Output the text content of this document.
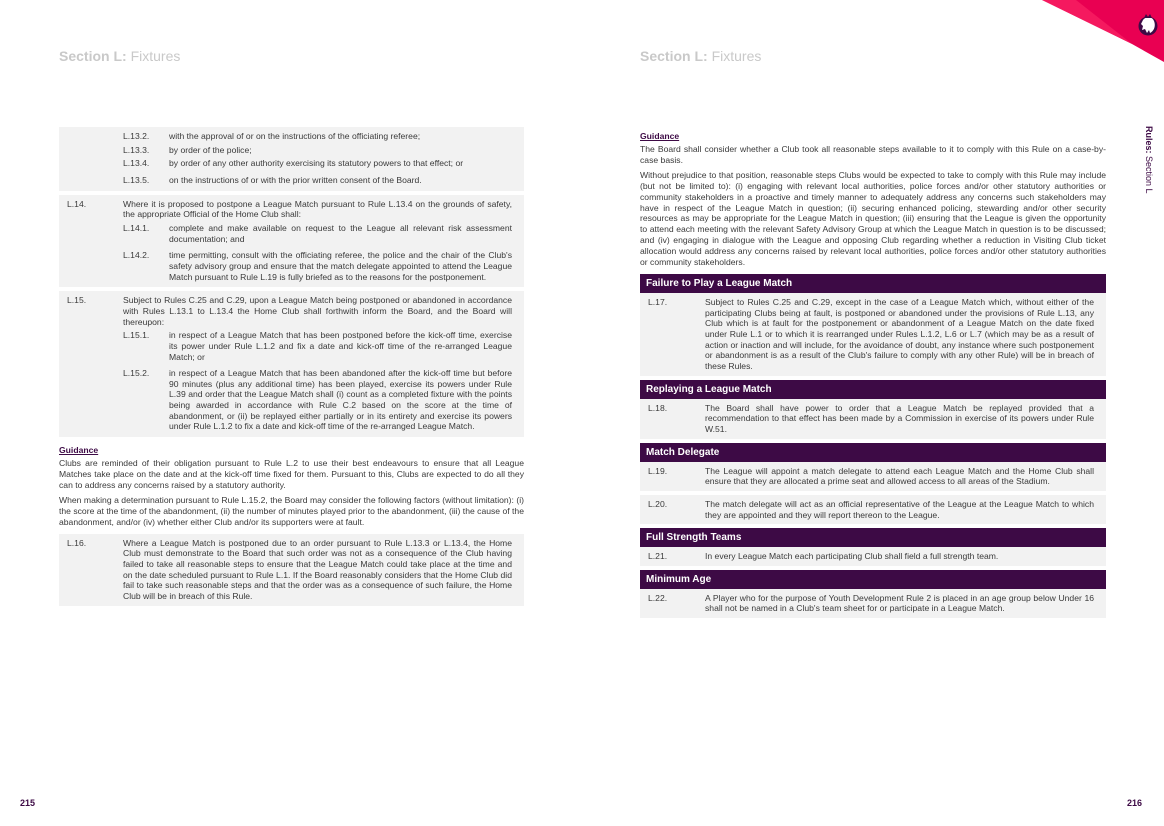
Section L: Fixtures	Section L: Fixtures
Rules: Section L
L.13.2.	with the approval of or on the instructions of the officiating referee;
L.13.3.	by order of the police;
L.13.4.	by order of any other authority exercising its statutory powers to that effect; or
L.13.5.	on the instructions of or with the prior written consent of the Board.
L.14.	Where it is proposed to postpone a League Match pursuant to Rule L.13.4 on the grounds of safety, the appropriate Official of the Home Club shall:
L.14.1.	complete and make available on request to the League all relevant risk assessment documentation; and
L.14.2.	time permitting, consult with the officiating referee, the police and the chair of the Club's safety advisory group and ensure that the match delegate appointed to attend the League Match pursuant to Rule L.19 is fully briefed as to the reasons for the postponement.
L.15.	Subject to Rules C.25 and C.29, upon a League Match being postponed or abandoned in accordance with Rules L.13.1 to L.13.4 the Home Club shall forthwith inform the Board, and the Board will thereupon:
L.15.1.	in respect of a League Match that has been postponed before the kick-off time, exercise its power under Rule L.1.2 and fix a date and kick-off time of the re-arranged League Match; or
L.15.2.	in respect of a League Match that has been abandoned after the kick-off time but before 90 minutes (plus any additional time) has been played, exercise its powers under Rule L.39 and order that the League Match shall (i) count as a completed fixture with the points being awarded in accordance with Rule C.2 based on the score at the time of abandonment, or (ii) be replayed either partially or in its entirety and exercise its powers under Rule L.1.2 to fix a date and kick-off time of the re-arranged League Match.
Guidance

Clubs are reminded of their obligation pursuant to Rule L.2 to use their best endeavours to ensure that all League Matches take place on the date and at the kick-off time fixed for them. Pursuant to this, Clubs are expected to do all they can to address any concerns raised by a statutory authority.

When making a determination pursuant to Rule L.15.2, the Board may consider the following factors (without limitation): (i) the score at the time of the abandonment, (ii) the number of minutes played prior to the abandonment, (iii) the cause of the abandonment, and/or (iv) whether either Club and/or its supporters were at fault.

L.16.	Where a League Match is postponed due to an order pursuant to Rule L.13.3 or L.13.4, the Home Club must demonstrate to the Board that such order was not as a consequence of the Club having failed to take all reasonable steps to ensure that the League Match could take place at the time and on the date scheduled pursuant to Rule L.1. If the Board reasonably considers that the Home Club did fail to take such reasonable steps and that the order was as a consequence of such failure, the Home Club will be in breach of this Rule.
Guidance

The Board shall consider whether a Club took all reasonable steps available to it to comply with this Rule on a case-by-case basis.

Without prejudice to that position, reasonable steps Clubs would be expected to take to comply with this Rule may include (but not be limited to): (i) engaging with relevant local authorities, police forces and/or other statutory authorities or community stakeholders in a proactive and timely manner to adequately address any concerns such stakeholders may have in respect of the League Match in question; (ii) securing enhanced policing, stewarding and/or other security resources as may be appropriate for the League Match in question; (iii) ensuring that the League is given the opportunity to attend each meeting with the relevant Safety Advisory Group at which the League Match in question is to be discussed; and (iv) engaging in dialogue with the League and opposing Club regarding whether a reduction in Visiting Club ticket allocation would address any concerns raised by relevant local authorities, police forces and/or other statutory authorities or community stakeholders.

Failure to Play a League Match
L.17.	Subject to Rules C.25 and C.29, except in the case of a League Match which, without either of the participating Clubs being at fault, is postponed or abandoned under the provisions of Rule L.13, any Club which is at fault for the postponement or abandonment of a League Match on the date fixed under Rule L.1 or to which it is rearranged under Rules L.1.2, L.6 or L.7 (which may be as a result of action or inaction and will include, for the avoidance of doubt, any instance where such postponement or abandonment is as a result of the Club's failure to comply with any other Rule) will be in breach of these Rules.
Replaying a League Match
L.18.	The Board shall have power to order that a League Match be replayed provided that a recommendation to that effect has been made by a Commission in exercise of its powers under Rule W.51.
Match Delegate
L.19.	The League will appoint a match delegate to attend each League Match and the Home Club shall ensure that they are allocated a prime seat and allowed access to all areas of the Stadium.
L.20.	The match delegate will act as an official representative of the League at the League Match to which they are appointed and they will report thereon to the League.
Full Strength Teams
L.21.	In every League Match each participating Club shall field a full strength team.
Minimum Age
L.22.	A Player who for the purpose of Youth Development Rule 2 is placed in an age group below Under 16 shall not be named in a Club's team sheet for or participate in a League Match.
215	216
